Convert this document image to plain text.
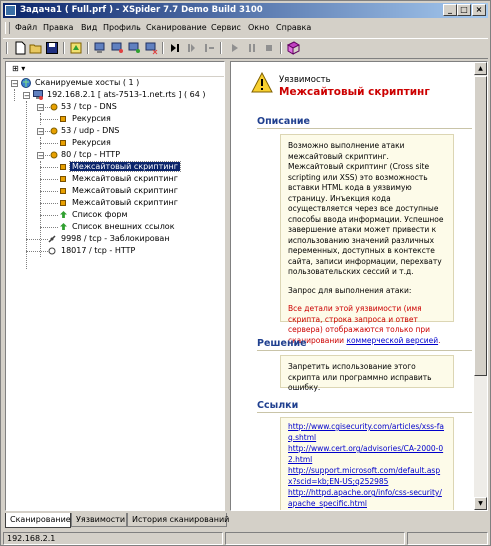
Задача1 ( Full.prf ) - XSpider 7.7 Demo Build 3100	_	□ ×
Файл Правка Вид Профиль Сканирование Сервис Окно Справка
⊞ ▾
− Сканируемые хосты ( 1 )
− 192.168.2.1 [ ats-7513-1.net.rts ] ( 64 )
− 53 / tcp - DNS
Рекурсия
− 53 / udp - DNS
Рекурсия
− 80 / tcp - HTTP
Межсайтовый скриптинг
Межсайтовый скриптинг
Межсайтовый скриптинг
Межсайтовый скриптинг
Список форм
Список внешних ссылок
9998 / tcp - Заблокирован
18017 / tcp - HTTP
Уязвимость
Межсайтовый скриптинг
Описание

Возможно выполнение атаки межсайтовый скриптинг. Межсайтовый скриптинг (Cross site scripting или XSS) это возможность вставки HTML кода в уязвимую страницу. Инъекция кода осуществляется через все доступные способы ввода информации. Успешное завершение атаки может привести к использованию значений различных переменных, доступных в контексте сайта, записи информации, перехвату пользовательских сессий и т.д.

Запрос для выполнения атаки:

Все детали этой уязвимости (имя скрипта, строка запроса и ответ сервера) отображаются только при сканировании коммерческой версией.

Решение
Запретить использование этого скрипта или программно исправить ошибку.
Ссылки
http://www.cgisecurity.com/articles/xss-faq.shtml
http://www.cert.org/advisories/CA-2000-02.html
http://support.microsoft.com/default.aspx?scid=kb;EN-US;q252985
http://httpd.apache.org/info/css-security/apache_specific.html
▲
▼
Сканирование Уязвимости История сканирований
192.168.2.1
